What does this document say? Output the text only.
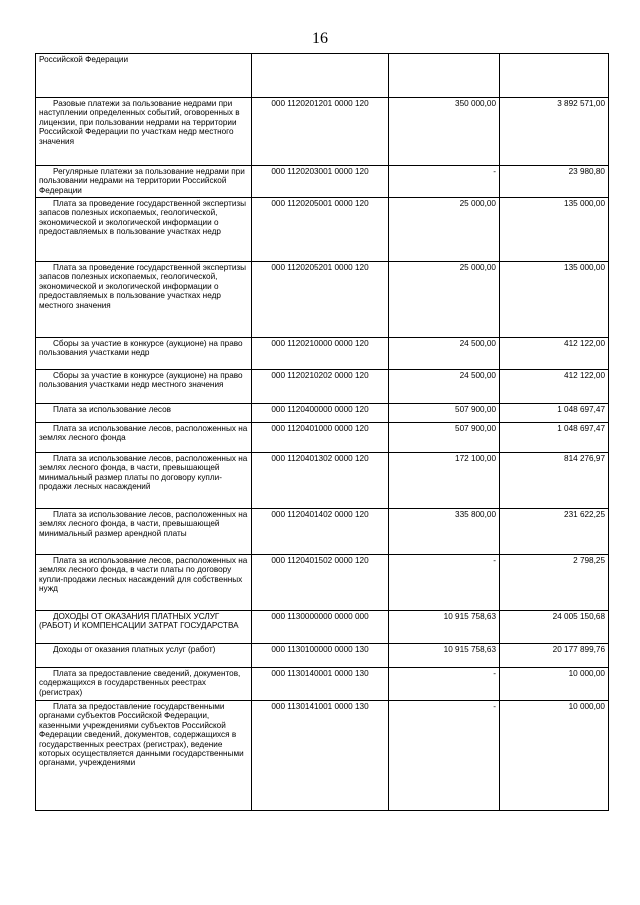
16
Российской Федерации			
Разовые платежи за пользование недрами при наступлении определенных событий, оговоренных в лицензии, при пользовании недрами на территории Российской Федерации по участкам недр местного значения	000 1120201201 0000 120	350 000,00	3 892 571,00
Регулярные платежи за пользование недрами при пользовании недрами на территории Российской Федерации	000 1120203001 0000 120	-	23 980,80
Плата за проведение государственной экспертизы запасов полезных ископаемых, геологической, экономической и экологической информации о предоставляемых в пользование участках недр	000 1120205001 0000 120	25 000,00	135 000,00
Плата за проведение государственной экспертизы запасов полезных ископаемых, геологической, экономической и экологической информации о предоставляемых в пользование участках недр местного значения	000 1120205201 0000 120	25 000,00	135 000,00
Сборы за участие в конкурсе (аукционе) на право пользования участками недр	000 1120210000 0000 120	24 500,00	412 122,00
Сборы за участие в конкурсе (аукционе) на право пользования участками недр местного значения	000 1120210202 0000 120	24 500,00	412 122,00
Плата за использование лесов	000 1120400000 0000 120	507 900,00	1 048 697,47
Плата за использование лесов, расположенных на землях лесного фонда	000 1120401000 0000 120	507 900,00	1 048 697,47
Плата за использование лесов, расположенных на землях лесного фонда, в части, превышающей минимальный размер платы по договору купли-продажи лесных насаждений	000 1120401302 0000 120	172 100,00	814 276,97
Плата за использование лесов, расположенных на землях лесного фонда, в части, превышающей минимальный размер арендной платы	000 1120401402 0000 120	335 800,00	231 622,25
Плата за использование лесов, расположенных на землях лесного фонда, в части платы по договору купли-продажи лесных насаждений для собственных нужд	000 1120401502 0000 120	-	2 798,25
ДОХОДЫ ОТ ОКАЗАНИЯ ПЛАТНЫХ УСЛУГ (РАБОТ) И КОМПЕНСАЦИИ ЗАТРАТ ГОСУДАРСТВА	000 1130000000 0000 000	10 915 758,63	24 005 150,68
Доходы от оказания платных услуг (работ)	000 1130100000 0000 130	10 915 758,63	20 177 899,76
Плата за предоставление сведений, документов, содержащихся в государственных реестрах (регистрах)	000 1130140001 0000 130	-	10 000,00
Плата за предоставление государственными органами субъектов Российской Федерации, казенными учреждениями субъектов Российской Федерации сведений, документов, содержащихся в государственных реестрах (регистрах), ведение которых осуществляется данными государственными органами, учреждениями	000 1130141001 0000 130	-	10 000,00
